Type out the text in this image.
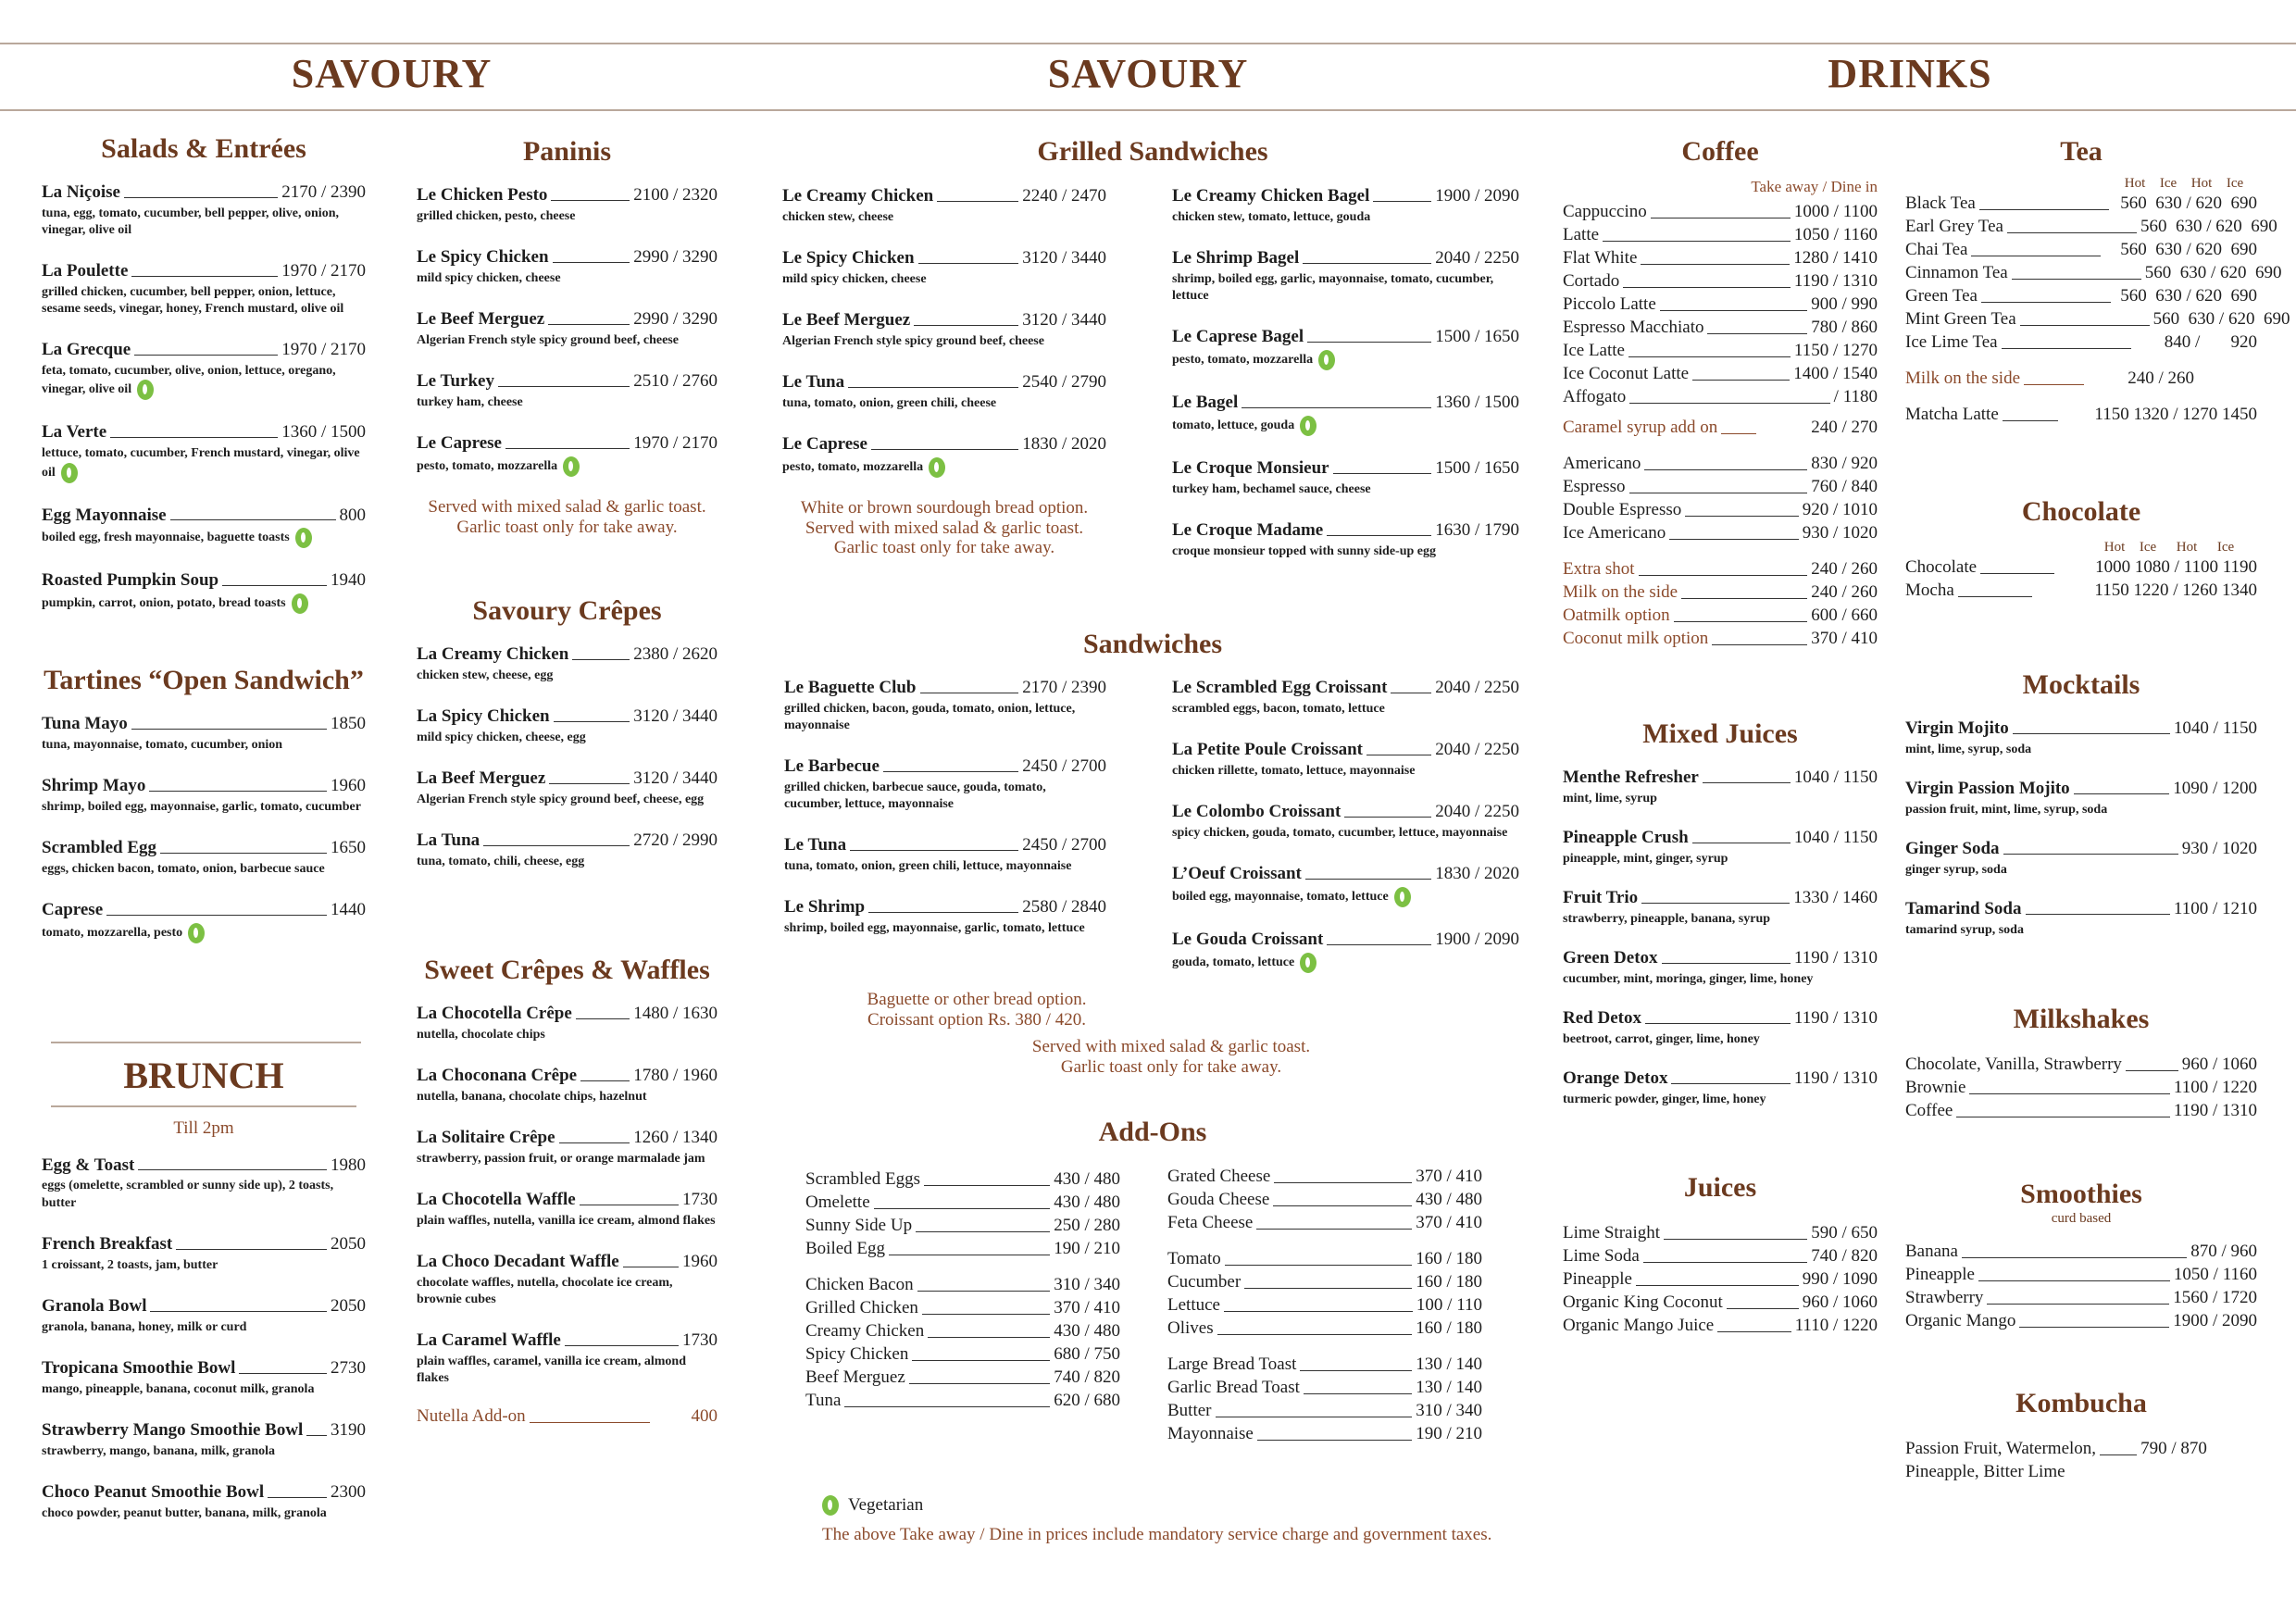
SAVOURY	SAVOURY	DRINKS
Salads & Entrées
La Niçoise	2170 / 2390
tuna, egg, tomato, cucumber, bell pepper, olive, onion, vinegar, olive oil
La Poulette	1970 / 2170
grilled chicken, cucumber, bell pepper, onion, lettuce, sesame seeds, vinegar, honey, French mustard, olive oil
La Grecque	1970 / 2170
feta, tomato, cucumber, olive, onion, lettuce, oregano, vinegar, olive oil
La Verte	1360 / 1500
lettuce, tomato, cucumber, French mustard, vinegar, olive oil
Egg Mayonnaise	800
boiled egg, fresh mayonnaise, baguette toasts
Roasted Pumpkin Soup	1940
pumpkin, carrot, onion, potato, bread toasts
Tartines “Open Sandwich”
Tuna Mayo	1850
tuna, mayonnaise, tomato, cucumber, onion
Shrimp Mayo	1960
shrimp, boiled egg, mayonnaise, garlic, tomato, cucumber
Scrambled Egg	1650
eggs, chicken bacon, tomato, onion, barbecue sauce
Caprese	1440
tomato, mozzarella, pesto
BRUNCH
Till 2pm
Egg & Toast	1980
eggs (omelette, scrambled or sunny side up), 2 toasts, butter
French Breakfast	2050
1 croissant, 2 toasts, jam, butter
Granola Bowl	2050
granola, banana, honey, milk or curd
Tropicana Smoothie Bowl	2730
mango, pineapple, banana, coconut milk, granola
Strawberry Mango Smoothie Bowl 3190
strawberry, mango, banana, milk, granola
Choco Peanut Smoothie Bowl	2300
choco powder, peanut butter, banana, milk, granola
Paninis
Le Chicken Pesto	2100 / 2320
grilled chicken, pesto, cheese
Le Spicy Chicken	2990 / 3290
mild spicy chicken, cheese
Le Beef Merguez	2990 / 3290
Algerian French style spicy ground beef, cheese
Le Turkey	2510 / 2760
turkey ham, cheese
Le Caprese	1970 / 2170
pesto, tomato, mozzarella
Served with mixed salad & garlic toast.
Garlic toast only for take away.
Savoury Crêpes
La Creamy Chicken	2380 / 2620
chicken stew, cheese, egg
La Spicy Chicken	3120 / 3440
mild spicy chicken, cheese, egg
La Beef Merguez	3120 / 3440
Algerian French style spicy ground beef, cheese, egg
La Tuna	2720 / 2990
tuna, tomato, chili, cheese, egg
Sweet Crêpes & Waffles
La Chocotella Crêpe	1480 / 1630
nutella, chocolate chips
La Choconana Crêpe	1780 / 1960
nutella, banana, chocolate chips, hazelnut
La Solitaire Crêpe	1260 / 1340
strawberry, passion fruit, or orange marmalade jam
La Chocotella Waffle	1730
plain waffles, nutella, vanilla ice cream, almond flakes
La Choco Decadant Waffle	1960
chocolate waffles, nutella, chocolate ice cream, brownie cubes
La Caramel Waffle	1730
plain waffles, caramel, vanilla ice cream, almond flakes
Nutella Add-on	400
Grilled Sandwiches
Le Creamy Chicken	2240 / 2470
chicken stew, cheese
Le Spicy Chicken	3120 / 3440
mild spicy chicken, cheese
Le Beef Merguez	3120 / 3440
Algerian French style spicy ground beef, cheese
Le Tuna	2540 / 2790
tuna, tomato, onion, green chili, cheese
Le Caprese	1830 / 2020
pesto, tomato, mozzarella
White or brown sourdough bread option.
Served with mixed salad & garlic toast.
Garlic toast only for take away.
Le Creamy Chicken Bagel	1900 / 2090
chicken stew, tomato, lettuce, gouda
Le Shrimp Bagel	2040 / 2250
shrimp, boiled egg, garlic, mayonnaise, tomato, cucumber, lettuce
Le Caprese Bagel	1500 / 1650
pesto, tomato, mozzarella
Le Bagel	1360 / 1500
tomato, lettuce, gouda
Le Croque Monsieur	1500 / 1650
turkey ham, bechamel sauce, cheese
Le Croque Madame	1630 / 1790
croque monsieur topped with sunny side-up egg
Sandwiches
Le Baguette Club	2170 / 2390
grilled chicken, bacon, gouda, tomato, onion, lettuce, mayonnaise
Le Barbecue	2450 / 2700
grilled chicken, barbecue sauce, gouda, tomato, cucumber, lettuce, mayonnaise
Le Tuna	2450 / 2700
tuna, tomato, onion, green chili, lettuce, mayonnaise
Le Shrimp	2580 / 2840
shrimp, boiled egg, mayonnaise, garlic, tomato, lettuce
Le Scrambled Egg Croissant	2040 / 2250
scrambled eggs, bacon, tomato, lettuce
La Petite Poule Croissant	2040 / 2250
chicken rillette, tomato, lettuce, mayonnaise
Le Colombo Croissant	2040 / 2250
spicy chicken, gouda, tomato, cucumber, lettuce, mayonnaise
L’Oeuf Croissant	1830 / 2020
boiled egg, mayonnaise, tomato, lettuce
Le Gouda Croissant	1900 / 2090
gouda, tomato, lettuce
Baguette or other bread option.
Croissant option Rs. 380 / 420.
Served with mixed salad & garlic toast.
Garlic toast only for take away.
Add-Ons
Scrambled Eggs	430 / 480
Omelette	430 / 480
Sunny Side Up	250 / 280
Boiled Egg	190 / 210
Chicken Bacon	310 / 340
Grilled Chicken	370 / 410
Creamy Chicken	430 / 480
Spicy Chicken	680 / 750
Beef Merguez	740 / 820
Tuna	620 / 680
Grated Cheese	370 / 410
Gouda Cheese	430 / 480
Feta Cheese	370 / 410
Tomato	160 / 180
Cucumber	160 / 180
Lettuce	100 / 110
Olives	160 / 180
Large Bread Toast	130 / 140
Garlic Bread Toast	130 / 140
Butter	310 / 340
Mayonnaise	190 / 210
Vegetarian
The above Take away / Dine in prices include mandatory service charge and government taxes.
Coffee
Take away / Dine in
Cappuccino	1000 / 1100
Latte	1050 / 1160
Flat White	1280 / 1410
Cortado	1190 / 1310
Piccolo Latte	900 / 990
Espresso Macchiato	780 / 860
Ice Latte	1150 / 1270
Ice Coconut Latte	1400 / 1540
Affogato	/ 1180
Caramel syrup add on	240 / 270
Americano	830 / 920
Espresso	760 / 840
Double Espresso	920 / 1010
Ice Americano	930 / 1020
Extra shot	240 / 260
Milk on the side	240 / 260
Oatmilk option	600 / 660
Coconut milk option	370 / 410
Mixed Juices
Menthe Refresher	1040 / 1150
mint, lime, syrup
Pineapple Crush	1040 / 1150
pineapple, mint, ginger, syrup
Fruit Trio	1330 / 1460
strawberry, pineapple, banana, syrup
Green Detox	1190 / 1310
cucumber, mint, moringa, ginger, lime, honey
Red Detox	1190 / 1310
beetroot, carrot, ginger, lime, honey
Orange Detox	1190 / 1310
turmeric powder, ginger, lime, honey
Juices
Lime Straight	590 / 650
Lime Soda	740 / 820
Pineapple	990 / 1090
Organic King Coconut	960 / 1060
Organic Mango Juice	1110 / 1220
Tea
Hot	Ice	Hot	Ice
Black Tea	560  630 / 620  690
Earl Grey Tea	560  630 / 620  690
Chai Tea	560  630 / 620  690
Cinnamon Tea	560  630 / 620  690
Green Tea	560  630 / 620  690
Mint Green Tea	560  630 / 620  690
Ice Lime Tea	840 /       920
Milk on the side	240 / 260
Matcha Latte	1150 1320 / 1270 1450
Chocolate
Hot	Ice	Hot	Ice
Chocolate	1000 1080 / 1100 1190
Mocha	1150 1220 / 1260 1340
Mocktails
Virgin Mojito	1040 / 1150
mint, lime, syrup, soda
Virgin Passion Mojito	1090 / 1200
passion fruit, mint, lime, syrup, soda
Ginger Soda	930 / 1020
ginger syrup, soda
Tamarind Soda	1100 / 1210
tamarind syrup, soda
Milkshakes
Chocolate, Vanilla, Strawberry	960 / 1060
Brownie	1100 / 1220
Coffee	1190 / 1310
Smoothies
curd based
Banana	870 / 960
Pineapple	1050 / 1160
Strawberry	1560 / 1720
Organic Mango	1900 / 2090
Kombucha
Passion Fruit, Watermelon,	790 / 870
Pineapple, Bitter Lime
